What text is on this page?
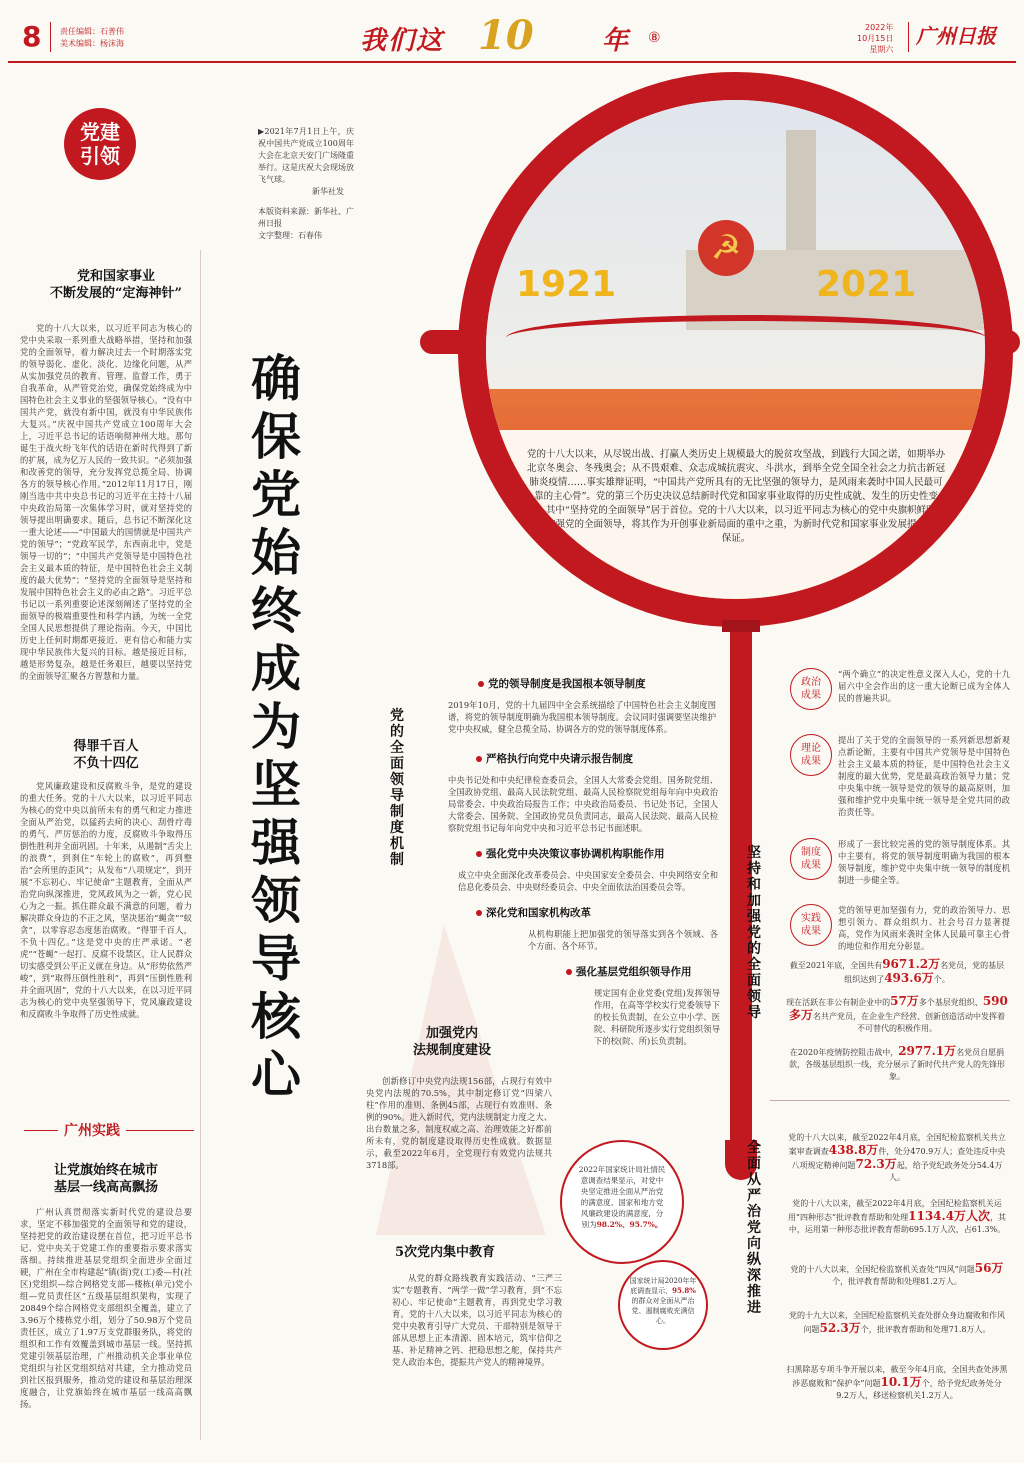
8 责任编辑：石普伟
美术编辑：杨沫海	我们这 10	年 ⑧
2022年
10月15日
星期六
广州日报
党建
引领
▶2021年7月1日上午，庆祝中国共产党成立100周年大会在北京天安门广场隆重举行。这是庆祝大会现场放飞气球。
新华社发
本版资料来源：新华社、广州日报
文字整理：石春伟
党和国家事业
不断发展的“定海神针”
党的十八大以来，以习近平同志为核心的党中央采取一系列重大战略举措，坚持和加强党的全面领导，着力解决过去一个时期落实党的领导弱化、虚化、淡化、边缘化问题，从严从实加强党员的教育、管理、监督工作，勇于自我革命，从严管党治党，确保党始终成为中国特色社会主义事业的坚强领导核心。“没有中国共产党，就没有新中国，就没有中华民族伟大复兴。”庆祝中国共产党成立100周年大会上，习近平总书记的话语响彻神州大地。那句诞生于战火纷飞年代的话语在新时代得到了新的扩展，成为亿万人民的一致共识。“必须加强和改善党的领导，充分发挥党总揽全局、协调各方的领导核心作用。”2012年11月17日，刚刚当选中共中央总书记的习近平在主持十八届中央政治局第一次集体学习时，就对坚持党的领导提出明确要求。随后，总书记不断深化这一重大论述——“中国最大的国情就是中国共产党的领导”；“党政军民学，东西南北中，党是领导一切的”；“中国共产党领导是中国特色社会主义最本质的特征，是中国特色社会主义制度的最大优势”；“坚持党的全面领导是坚持和发展中国特色社会主义的必由之路”。习近平总书记以一系列重要论述深刻阐述了坚持党的全面领导的极端重要性和科学内涵，为统一全党全国人民思想提供了理论指南。今天，中国比历史上任何时期都更接近、更有信心和能力实现中华民族伟大复兴的目标。越是接近目标，越是形势复杂，越是任务艰巨，越要以坚持党的全面领导汇聚各方智慧和力量。
得罪千百人
不负十四亿
党风廉政建设和反腐败斗争，是党的建设的重大任务。党的十八大以来，以习近平同志为核心的党中央以前所未有的勇气和定力推进全面从严治党，以猛药去疴的决心、刮骨疗毒的勇气、严厉惩治的力度，反腐败斗争取得压倒性胜利并全面巩固。十年来，从遏制“舌尖上的浪费”，到刹住“车轮上的腐败”，再到整治“会所里的歪风”；从发布“八项规定”，到开展“不忘初心、牢记使命”主题教育，全面从严治党向纵深推进，党风政风为之一新，党心民心为之一振。抓住群众最不满意的问题，着力解决群众身边的不正之风，坚决惩治“蝇贪”“蚁贪”，以零容忍态度惩治腐败。“得罪千百人，不负十四亿。”这是党中央的庄严承诺。“老虎”“苍蝇”一起打、反腐不设禁区，让人民群众切实感受到公平正义就在身边。从“形势依然严峻”，到“取得压倒性胜利”，再到“压倒性胜利并全面巩固”，党的十八大以来，在以习近平同志为核心的党中央坚强领导下，党风廉政建设和反腐败斗争取得了历史性成就。
广州实践
让党旗始终在城市
基层一线高高飘扬
广州认真贯彻落实新时代党的建设总要求，坚定不移加强党的全面领导和党的建设，坚持把党的政治建设摆在首位，把习近平总书记、党中央关于党建工作的重要指示要求落实落细。持续推进基层党组织全面进步全面过硬，广州在全市构建起“镇(街)党(工)委—村(社区)党组织—综合网格党支部—楼栋(单元)党小组—党员责任区”五级基层组织架构，实现了20849个综合网格党支部组织全覆盖，建立了3.96万个楼栋党小组，划分了50.98万个党员责任区，成立了1.97万支党群服务队，将党的组织和工作有效覆盖到城市基层一线。坚持抓党建引领基层治理，广州推动机关企事业单位党组织与社区党组织结对共建，全力推动党员到社区报到服务，推动党的建设和基层治理深度融合，让党旗始终在城市基层一线高高飘扬。
确保党始终成为坚强领导核心
☭
1921	2021
党的十八大以来，从尽锐出战、打赢人类历史上规模最大的脱贫攻坚战，到践行大国之诺，如期举办北京冬奥会、冬残奥会；从不畏艰难、众志成城抗震灾、斗洪水，到举全党全国全社会之力抗击新冠肺炎疫情……事实雄辩证明，“中国共产党所具有的无比坚强的领导力，是风雨来袭时中国人民最可靠的主心骨”。党的第三个历史决议总结新时代党和国家事业取得的历史性成就、发生的历史性变革，其中“坚持党的全面领导”居于首位。党的十八大以来，以习近平同志为核心的党中央旗帜鲜明坚持和加强党的全面领导，将其作为开创事业新局面的重中之重，为新时代党和国家事业发展提供根本保证。
党的全面领导制度机制
党的领导制度是我国根本领导制度
2019年10月，党的十九届四中全会系统描绘了中国特色社会主义制度图谱，将党的领导制度明确为我国根本领导制度。会议同时强调要坚决维护党中央权威，健全总揽全局、协调各方的党的领导制度体系。
严格执行向党中央请示报告制度
中央书记处和中央纪律检查委员会，全国人大常委会党组、国务院党组、全国政协党组、最高人民法院党组、最高人民检察院党组每年向中央政治局常委会、中央政治局报告工作；中央政治局委员、书记处书记，全国人大常委会、国务院、全国政协党员负责同志，最高人民法院、最高人民检察院党组书记每年向党中央和习近平总书记书面述职。
强化党中央决策议事协调机构职能作用
成立中央全面深化改革委员会、中央国家安全委员会、中央网络安全和信息化委员会、中央财经委员会、中央全面依法治国委员会等。
深化党和国家机构改革
从机构职能上把加强党的领导落实到各个领域、各个方面、各个环节。
强化基层党组织领导作用
规定国有企业党委(党组)发挥领导作用，在高等学校实行党委领导下的校长负责制，在公立中小学、医院、科研院所逐步实行党组织领导下的校(院、所)长负责制。
加强党内
法规制度建设
创新修订中央党内法规156部，占现行有效中央党内法规的70.5%，其中制定修订党“四梁八柱”作用的准则、条例45部，占现行有效准则、条例的90%。进入新时代，党内法规制定力度之大、出台数量之多，制度权威之高、治理效能之好都前所未有，党的制度建设取得历史性成就。数据显示，截至2022年6月，全党现行有效党内法规共3718部。
5次党内集中教育
从党的群众路线教育实践活动、“三严三实”专题教育、“两学一做”学习教育，到“不忘初心、牢记使命”主题教育，再到党史学习教育。党的十八大以来，以习近平同志为核心的党中央教育引导广大党员、干部特别是领导干部从思想上正本清源、固本培元，筑牢信仰之基、补足精神之钙、把稳思想之舵，保持共产党人政治本色，提振共产党人的精神境界。
2022年国家统计局社情民意调查结果显示，对党中央坚定推进全面从严治党的满意度、国家和地方党风廉政建设的满意度，分别为98.2%、95.7%。
国家统计局2020年年底调查显示，95.8%的群众对全面从严治党、遏制腐败充满信心。
坚持和加强党的全面领导
政治
成果
“两个确立”的决定性意义深入人心，党的十九届六中全会作出的这一重大论断已成为全体人民的普遍共识。
理论
成果
提出了关于党的全面领导的一系列新思想新观点新论断，主要有中国共产党领导是中国特色社会主义最本质的特征，是中国特色社会主义制度的最大优势，党是最高政治领导力量；党中央集中统一领导是党的领导的最高原则，加强和维护党中央集中统一领导是全党共同的政治责任等。
制度
成果
形成了一套比较完善的党的领导制度体系。其中主要有，将党的领导制度明确为我国的根本领导制度，维护党中央集中统一领导的制度机制进一步健全等。
实践
成果
党的领导更加坚强有力，党的政治领导力、思想引领力、群众组织力、社会号召力显著提高，党作为风雨来袭时全体人民最可靠主心骨的地位和作用充分彰显。
截至2021年底，全国共有9671.2万名党员，党的基层组织达到了493.6万个。
现在活跃在非公有制企业中的57万多个基层党组织、590多万名共产党员，在企业生产经营、创新创造活动中发挥着不可替代的积极作用。
在2020年疫情防控阻击战中，2977.1万名党员自愿捐款，各级基层组织一线，充分展示了新时代共产党人的先锋形象。
全面从严治党向纵深推进
党的十八大以来，截至2022年4月底，全国纪检监察机关共立案审查调查438.8万件，处分470.9万人；查处违反中央八项规定精神问题72.3万起，给予党纪政务处分54.4万人。
党的十八大以来，截至2022年4月底，全国纪检监察机关运用“四种形态”批评教育帮助和处理1134.4万人次，其中，运用第一种形态批评教育帮助695.1万人次，占61.3%。
党的十八大以来，全国纪检监察机关查处“四风”问题56万个，批评教育帮助和处理81.2万人。
党的十九大以来，全国纪检监察机关查处群众身边腐败和作风问题52.3万个，批评教育帮助和处理71.8万人。
扫黑除恶专项斗争开展以来，截至今年4月底，全国共查处涉黑涉恶腐败和“保护伞”问题10.1万个，给予党纪政务处分9.2万人，移送检察机关1.2万人。
